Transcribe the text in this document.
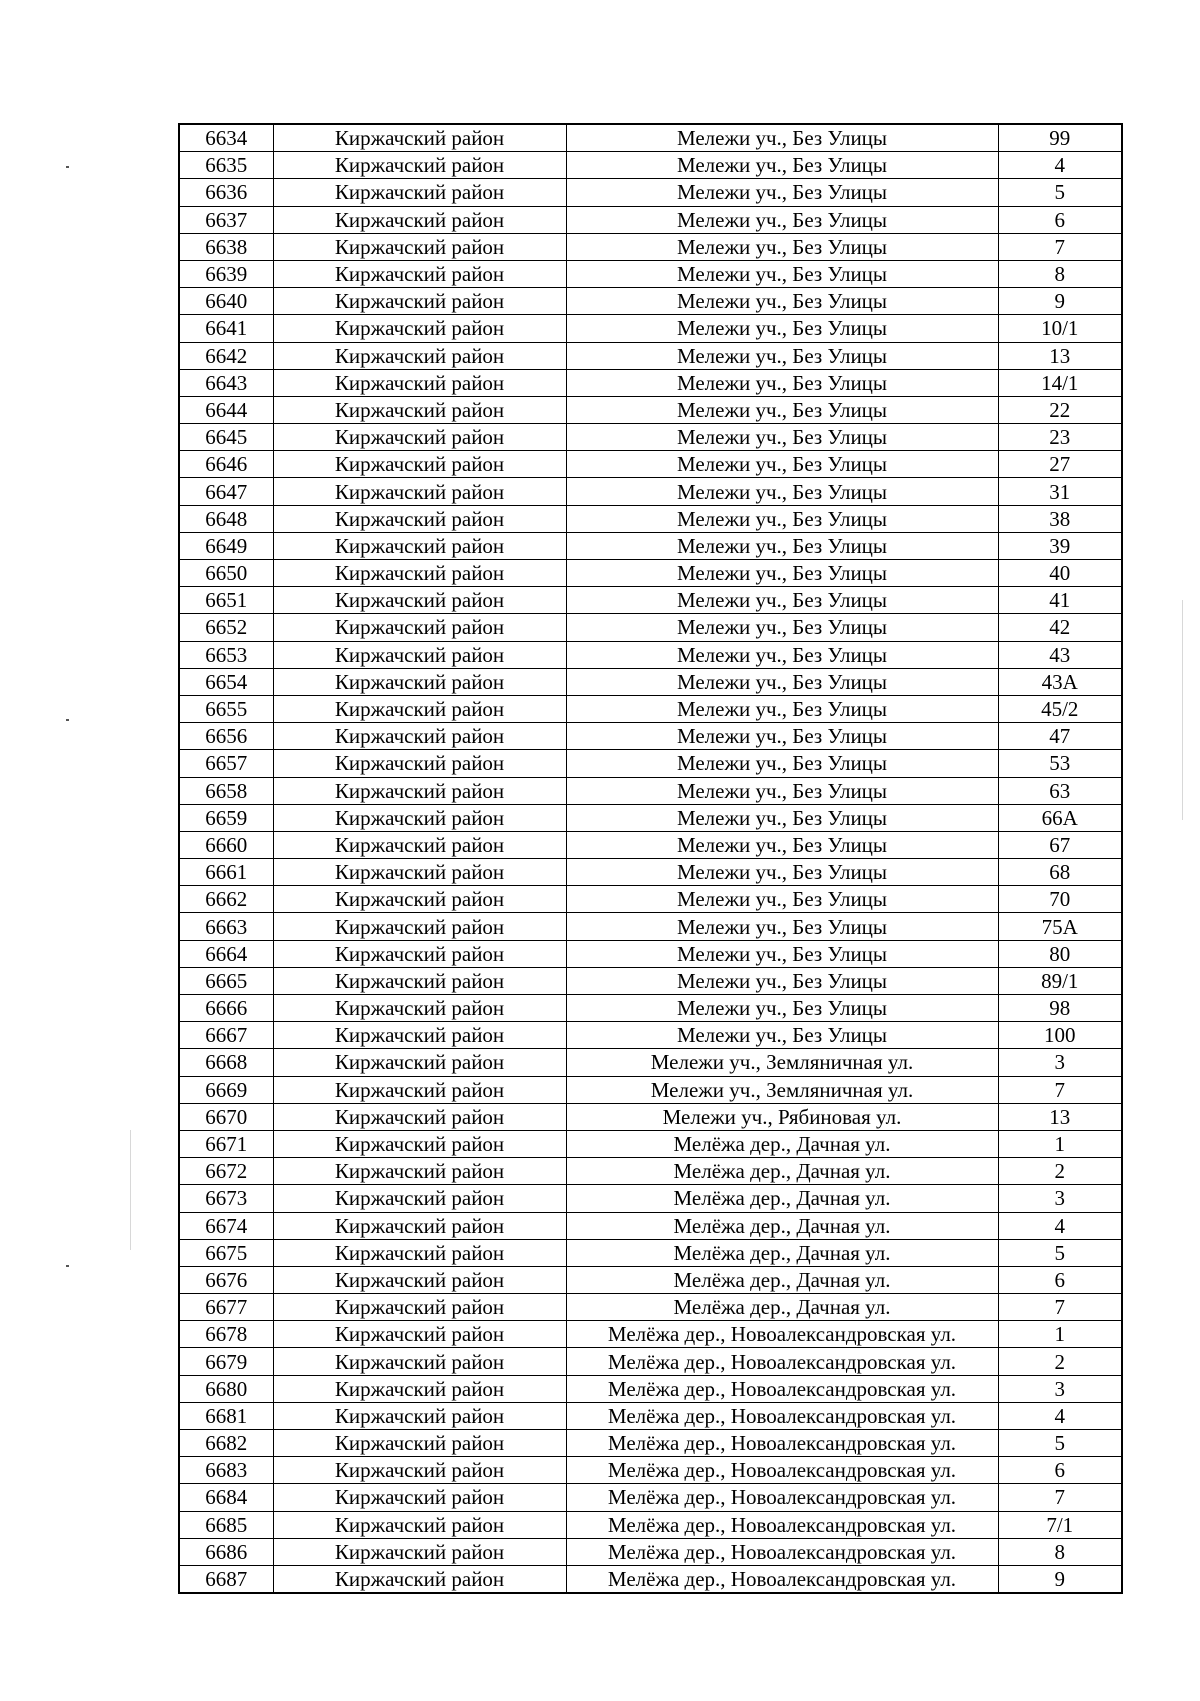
6634	Киржачский район	Мележи уч., Без Улицы	99
6635	Киржачский район	Мележи уч., Без Улицы	4
6636	Киржачский район	Мележи уч., Без Улицы	5
6637	Киржачский район	Мележи уч., Без Улицы	6
6638	Киржачский район	Мележи уч., Без Улицы	7
6639	Киржачский район	Мележи уч., Без Улицы	8
6640	Киржачский район	Мележи уч., Без Улицы	9
6641	Киржачский район	Мележи уч., Без Улицы	10/1
6642	Киржачский район	Мележи уч., Без Улицы	13
6643	Киржачский район	Мележи уч., Без Улицы	14/1
6644	Киржачский район	Мележи уч., Без Улицы	22
6645	Киржачский район	Мележи уч., Без Улицы	23
6646	Киржачский район	Мележи уч., Без Улицы	27
6647	Киржачский район	Мележи уч., Без Улицы	31
6648	Киржачский район	Мележи уч., Без Улицы	38
6649	Киржачский район	Мележи уч., Без Улицы	39
6650	Киржачский район	Мележи уч., Без Улицы	40
6651	Киржачский район	Мележи уч., Без Улицы	41
6652	Киржачский район	Мележи уч., Без Улицы	42
6653	Киржачский район	Мележи уч., Без Улицы	43
6654	Киржачский район	Мележи уч., Без Улицы	43А
6655	Киржачский район	Мележи уч., Без Улицы	45/2
6656	Киржачский район	Мележи уч., Без Улицы	47
6657	Киржачский район	Мележи уч., Без Улицы	53
6658	Киржачский район	Мележи уч., Без Улицы	63
6659	Киржачский район	Мележи уч., Без Улицы	66А
6660	Киржачский район	Мележи уч., Без Улицы	67
6661	Киржачский район	Мележи уч., Без Улицы	68
6662	Киржачский район	Мележи уч., Без Улицы	70
6663	Киржачский район	Мележи уч., Без Улицы	75А
6664	Киржачский район	Мележи уч., Без Улицы	80
6665	Киржачский район	Мележи уч., Без Улицы	89/1
6666	Киржачский район	Мележи уч., Без Улицы	98
6667	Киржачский район	Мележи уч., Без Улицы	100
6668	Киржачский район	Мележи уч., Земляничная ул.	3
6669	Киржачский район	Мележи уч., Земляничная ул.	7
6670	Киржачский район	Мележи уч., Рябиновая ул.	13
6671	Киржачский район	Мелёжа дер., Дачная ул.	1
6672	Киржачский район	Мелёжа дер., Дачная ул.	2
6673	Киржачский район	Мелёжа дер., Дачная ул.	3
6674	Киржачский район	Мелёжа дер., Дачная ул.	4
6675	Киржачский район	Мелёжа дер., Дачная ул.	5
6676	Киржачский район	Мелёжа дер., Дачная ул.	6
6677	Киржачский район	Мелёжа дер., Дачная ул.	7
6678	Киржачский район	Мелёжа дер., Новоалександровская ул.	1
6679	Киржачский район	Мелёжа дер., Новоалександровская ул.	2
6680	Киржачский район	Мелёжа дер., Новоалександровская ул.	3
6681	Киржачский район	Мелёжа дер., Новоалександровская ул.	4
6682	Киржачский район	Мелёжа дер., Новоалександровская ул.	5
6683	Киржачский район	Мелёжа дер., Новоалександровская ул.	6
6684	Киржачский район	Мелёжа дер., Новоалександровская ул.	7
6685	Киржачский район	Мелёжа дер., Новоалександровская ул.	7/1
6686	Киржачский район	Мелёжа дер., Новоалександровская ул.	8
6687	Киржачский район	Мелёжа дер., Новоалександровская ул.	9
